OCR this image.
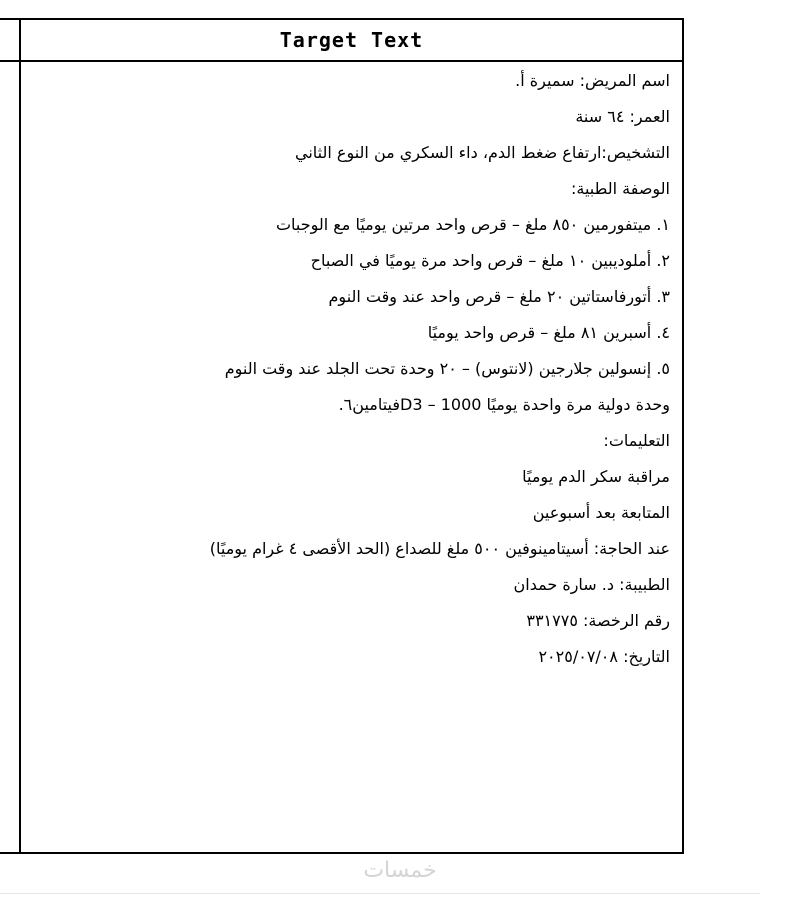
Target Text

اسم المريض: سميرة أ.

العمر: ٦٤ سنة

التشخيص:ارتفاع ضغط الدم، داء السكري من النوع الثاني

الوصفة الطبية:

١. ميتفورمين ٨٥٠ ملغ – قرص واحد مرتين يوميًا مع الوجبات

٢. أملوديبين ١٠ ملغ – قرص واحد مرة يوميًا في الصباح

٣. أتورفاستاتين ٢٠ ملغ – قرص واحد عند وقت النوم

٤. أسبرين ٨١ ملغ – قرص واحد يوميًا

٥. إنسولين جلارجين (لانتوس) – ٢٠ وحدة تحت الجلد عند وقت النوم

وحدة دولية مرة واحدة يوميًا 1000 – D3فيتامين٦.

التعليمات:

مراقبة سكر الدم يوميًا

المتابعة بعد أسبوعين

عند الحاجة: أسيتامينوفين ٥٠٠ ملغ للصداع (الحد الأقصى ٤ غرام يوميًا)

الطبيبة: د. سارة حمدان

رقم الرخصة: ٣٣١٧٧٥

التاريخ: ٢٠٢٥/٠٧/٠٨

خمسات
